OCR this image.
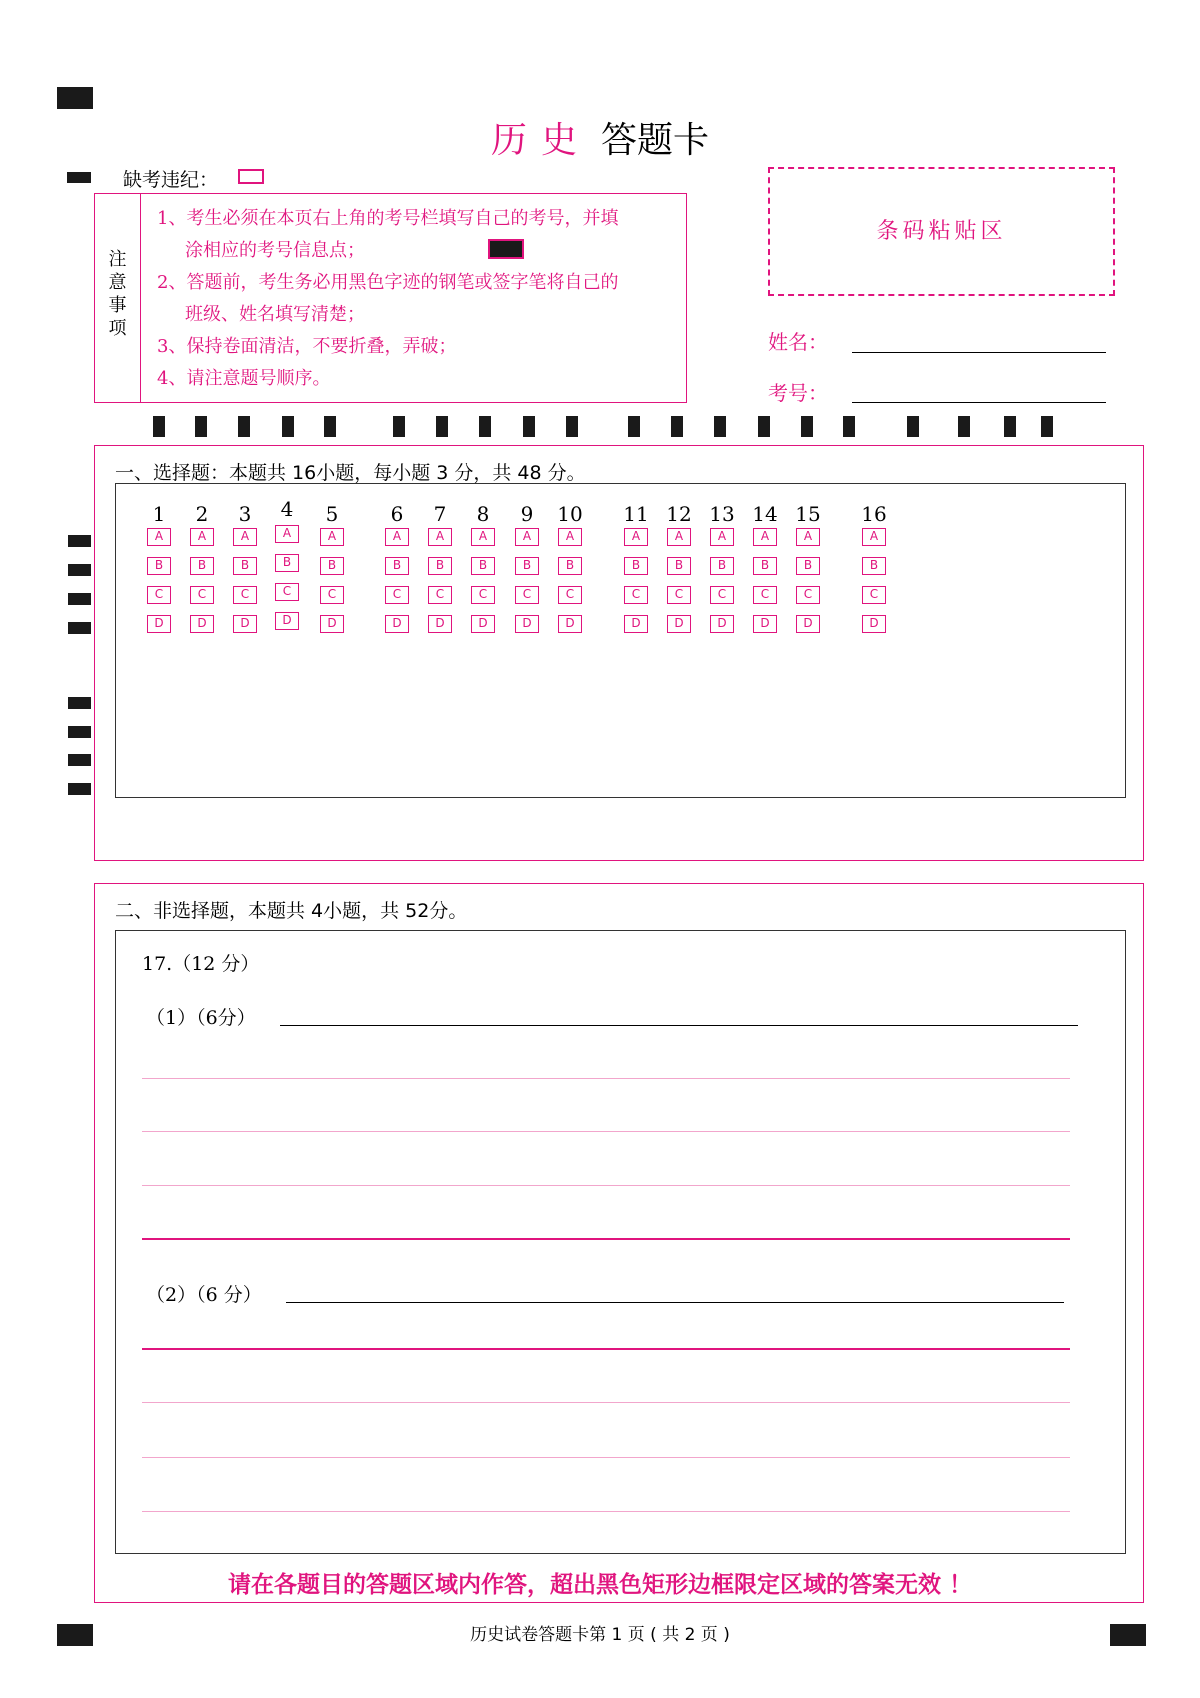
历史 答题卡
缺考违纪：
注
意
事
项
1、考生必须在本页右上角的考号栏填写自己的考号，并填
涂相应的考号信息点；
2、答题前，考生务必用黑色字迹的钢笔或签字笔将自己的
班级、姓名填写清楚；
3、保持卷面清洁，不要折叠，弄破；
4、请注意题号顺序。
条码粘贴区
姓名：
考号：
一、选择题：本题共 16小题，每小题 3 分，共 48 分。
二、非选择题，本题共 4小题，共 52分。
17.（12 分）
（1）（6分）
（2）（6 分）
请在各题目的答题区域内作答，超出黑色矩形边框限定区域的答案无效 ！
历史试卷答题卡第 1 页 ( 共 2 页 )
1
A
B
C
D
2
A
B
C
D
3
A
B
C
D
4
A
B
C
D
5
A
B
C
D
6
A
B
C
D
7
A
B
C
D
8
A
B
C
D
9
A
B
C
D
10
A
B
C
D
11
A
B
C
D
12
A
B
C
D
13
A
B
C
D
14
A
B
C
D
15
A
B
C
D
16
A
B
C
D
